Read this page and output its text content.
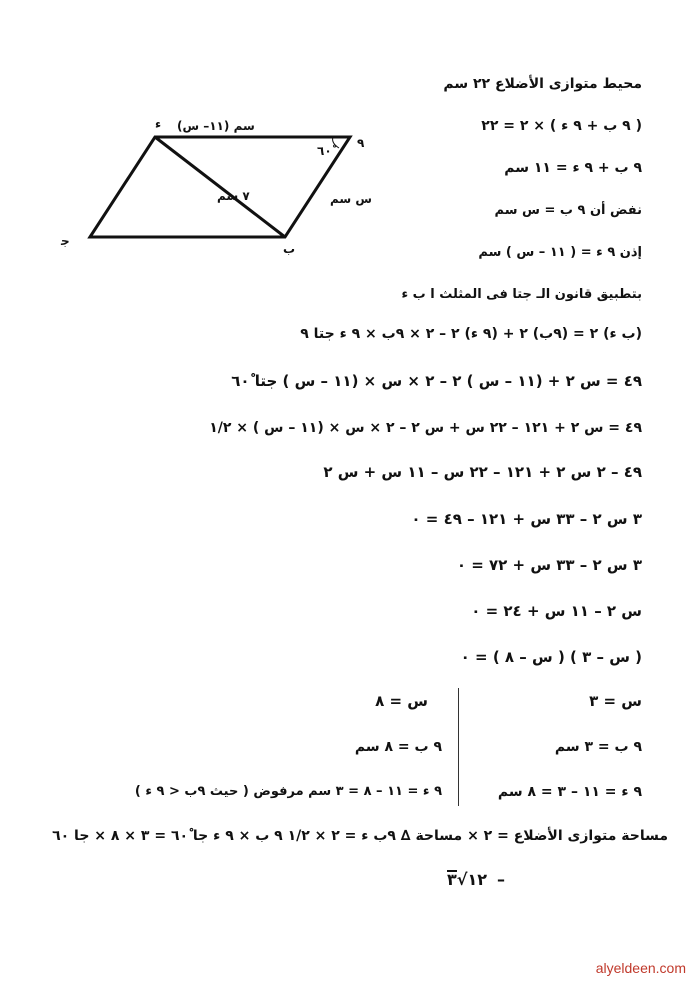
٩
ب
ﺟ
ء (١١– س) سم
س سم
٧ سم
٦٠ْ
محيط متوازى الأضلاع ٢٢ سم
( ٩ ب + ٩ ء ) × ٢ = ٢٢
٩ ب + ٩ ء = ١١ سم
نفض أن ٩ ب = س سم
إذن ٩ ء = ( ١١ – س ) سم
بتطبيق قانون الـ جتا فى المثلث ا ب ء
(ب ء) ٢ = (٩ب) ٢ + (٩ ء) ٢ – ٢ × ٩ب × ٩ ء جتا ٩
٤٩ = س ٢ + (١١ – س ) ٢ – ٢ × س × (١١ – س ) جتا ٦٠ْ
٤٩ = س ٢ + ١٢١ – ٢٢ س + س ٢ – ٢ × س × (١١ – س ) × ١/٢
٤٩ – ٢ س ٢ + ١٢١ – ٢٢ س – ١١ س + س ٢
٣ س ٢ – ٣٣ س + ١٢١ – ٤٩ = ٠
٣ س ٢ – ٣٣ س + ٧٢ = ٠
س ٢ – ١١ س + ٢٤ = ٠
( س – ٣ ) ( س – ٨ ) = ٠
س = ٣
٩ ب = ٣ سم
٩ ء = ١١ – ٣ = ٨ سم
س = ٨
٩ ب = ٨ سم
٩ ء = ١١ – ٨ = ٣ سم مرفوض ( حيث ٩ب < ٩ ء )
مساحة متوازى الأضلاع = ٢ × مساحة ∆ ٩ب ء = ٢ × ١/٢ ٩ ب × ٩ ء جا ٦٠ْ = ٣ × ٨ × جا ٦٠
–١٢√٣
alyeldeen.com
